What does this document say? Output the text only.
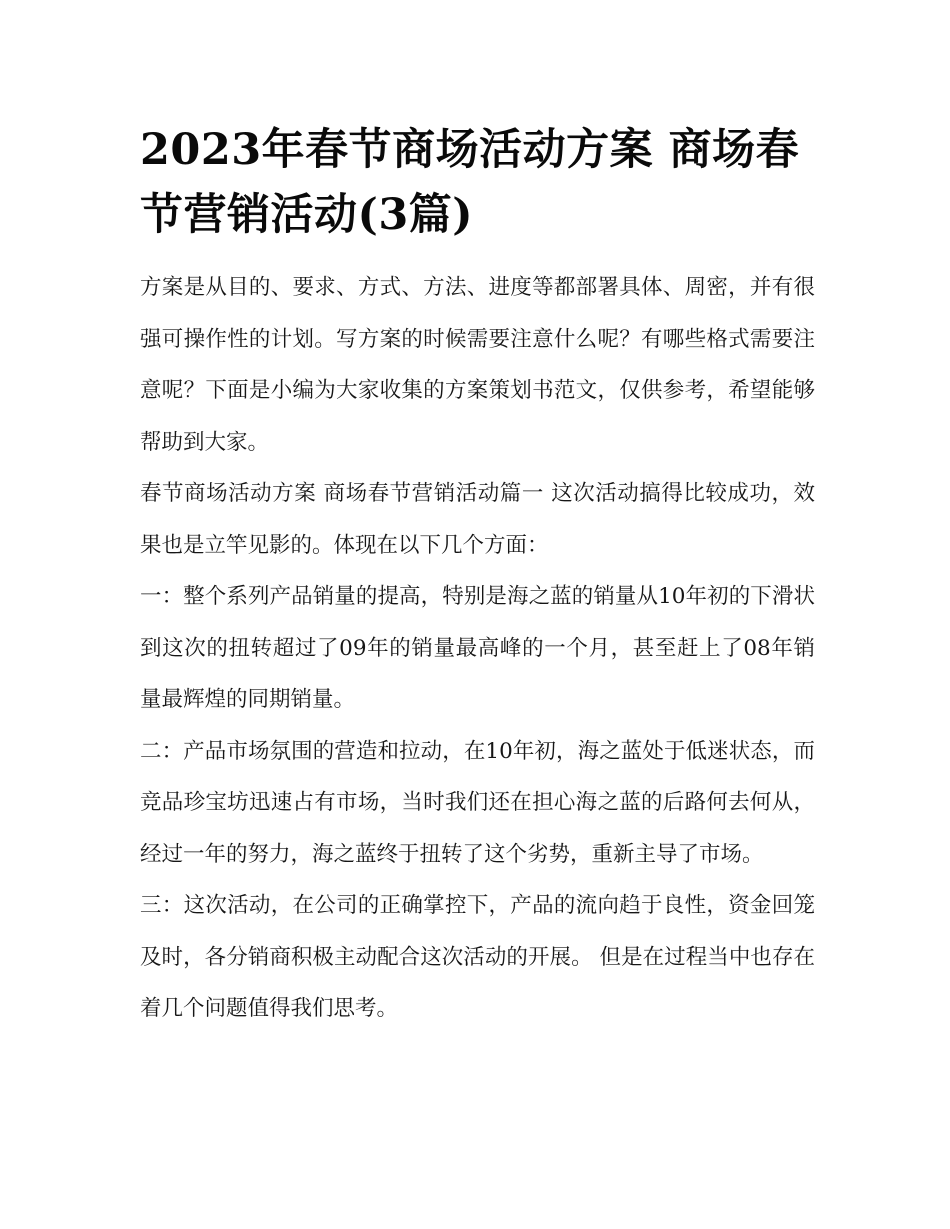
2023年春节商场活动方案 商场春节营销活动(3篇)

方案是从目的、要求、方式、方法、进度等都部署具体、周密，并有很强可操作性的计划。写方案的时候需要注意什么呢？有哪些格式需要注意呢？下面是小编为大家收集的方案策划书范文，仅供参考，希望能够帮助到大家。

春节商场活动方案 商场春节营销活动篇一 这次活动搞得比较成功，效果也是立竿见影的。体现在以下几个方面：

一：整个系列产品销量的提高，特别是海之蓝的销量从10年初的下滑状到这次的扭转超过了09年的销量最高峰的一个月，甚至赶上了08年销量最辉煌的同期销量。

二：产品市场氛围的营造和拉动，在10年初，海之蓝处于低迷状态，而竞品珍宝坊迅速占有市场，当时我们还在担心海之蓝的后路何去何从，经过一年的努力，海之蓝终于扭转了这个劣势，重新主导了市场。

三：这次活动，在公司的正确掌控下，产品的流向趋于良性，资金回笼及时，各分销商积极主动配合这次活动的开展。 但是在过程当中也存在着几个问题值得我们思考。
